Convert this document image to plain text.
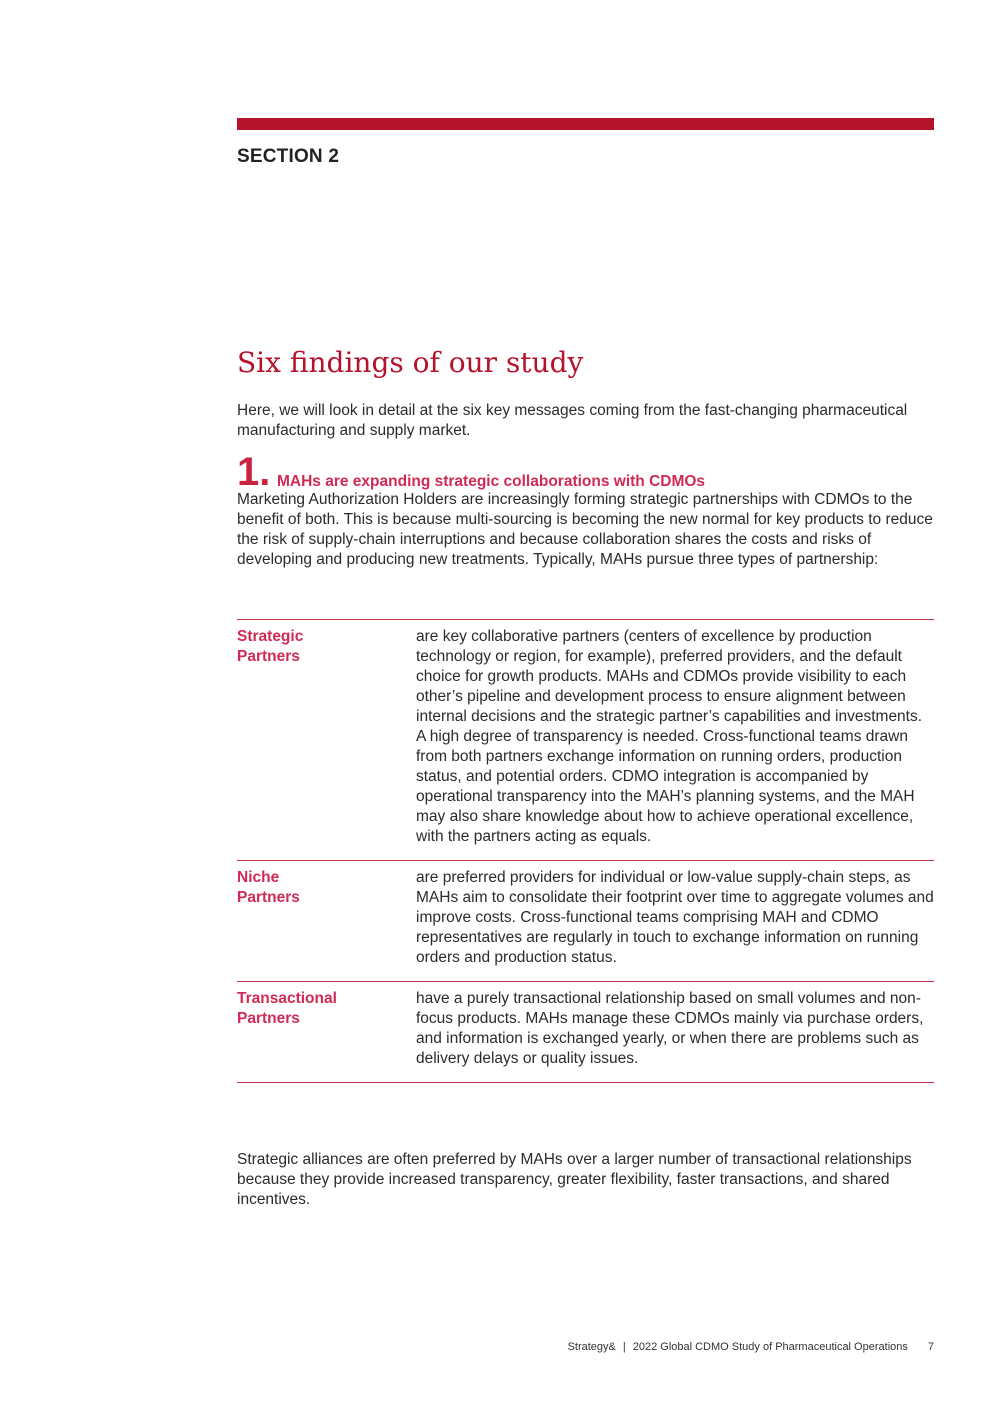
SECTION 2
Six findings of our study

Here, we will look in detail at the six key messages coming from the fast-changing pharmaceutical manufacturing and supply market.

1. MAHs are expanding strategic collaborations with CDMOs

Marketing Authorization Holders are increasingly forming strategic partnerships with CDMOs to the benefit of both. This is because multi-sourcing is becoming the new normal for key products to reduce the risk of supply-chain interruptions and because collaboration shares the costs and risks of developing and producing new treatments. Typically, MAHs pursue three types of partnership:

Strategic
Partners
are key collaborative partners (centers of excellence by production technology or region, for example), preferred providers, and the default choice for growth products. MAHs and CDMOs provide visibility to each other’s pipeline and development process to ensure alignment between internal decisions and the strategic partner’s capabilities and investments. A high degree of transparency is needed. Cross-functional teams drawn from both partners exchange information on running orders, production status, and potential orders. CDMO integration is accompanied by operational transparency into the MAH’s planning systems, and the MAH may also share knowledge about how to achieve operational excellence, with the partners acting as equals.
Niche
Partners
are preferred providers for individual or low-value supply-chain steps, as MAHs aim to consolidate their footprint over time to aggregate volumes and improve costs. Cross-functional teams comprising MAH and CDMO representatives are regularly in touch to exchange information on running orders and production status.
Transactional
Partners
have a purely transactional relationship based on small volumes and non-focus products. MAHs manage these CDMOs mainly via purchase orders, and information is exchanged yearly, or when there are problems such as delivery delays or quality issues.

Strategic alliances are often preferred by MAHs over a larger number of transactional relationships because they provide increased transparency, greater flexibility, faster transactions, and shared incentives.

Strategy& | 2022 Global CDMO Study of Pharmaceutical Operations 7
